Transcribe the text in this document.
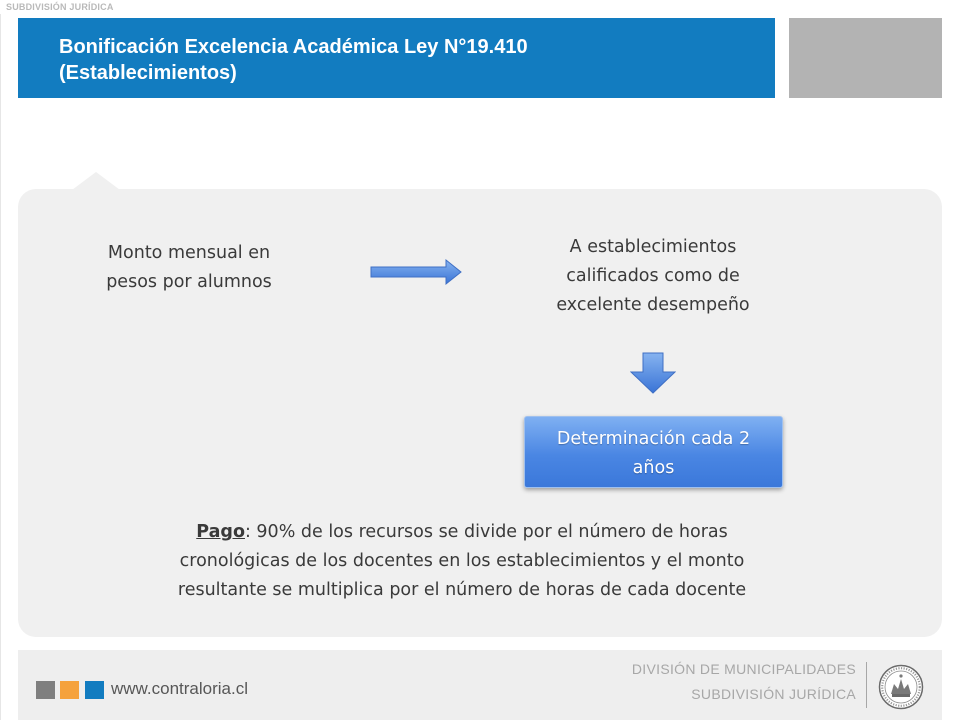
SUBDIVISIÓN JURÍDICA
Bonificación Excelencia Académica Ley N°19.410
(Establecimientos)
Monto mensual en
pesos por alumnos
A establecimientos
calificados como de
excelente desempeño
Determinación cada 2
años
Pago: 90% de los recursos se divide por el número de horas
cronológicas de los docentes en los establecimientos y el monto
resultante se multiplica por el número de horas de cada docente
www.contraloria.cl
DIVISIÓN DE MUNICIPALIDADES
SUBDIVISIÓN JURÍDICA
